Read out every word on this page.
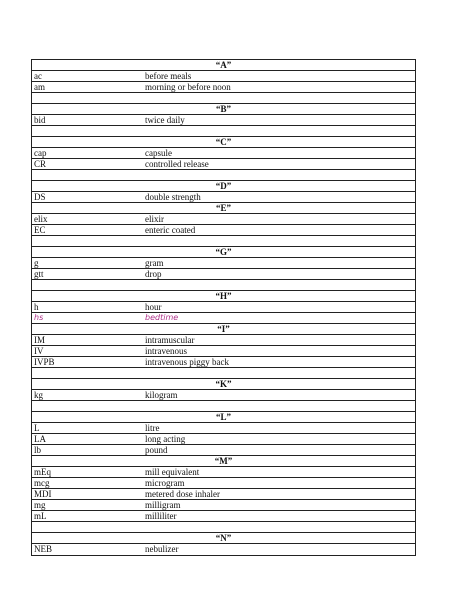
“A”
ac	before meals
am	morning or before noon
“B”
bid	twice daily
“C”
cap	capsule
CR	controlled release
“D”
DS	double strength
“E”
elix	elixir
EC	enteric coated
“G”
g	gram
gtt	drop
“H”
h	hour
hs	bedtime
“I”
IM	intramuscular
IV	intravenous
IVPB	intravenous piggy back
“K”
kg	kilogram
“L”
L	litre
LA	long acting
lb	pound
“M”
mEq	mill equivalent
mcg	microgram
MDI	metered dose inhaler
mg	milligram
mL	milliliter
“N”
NEB	nebulizer
